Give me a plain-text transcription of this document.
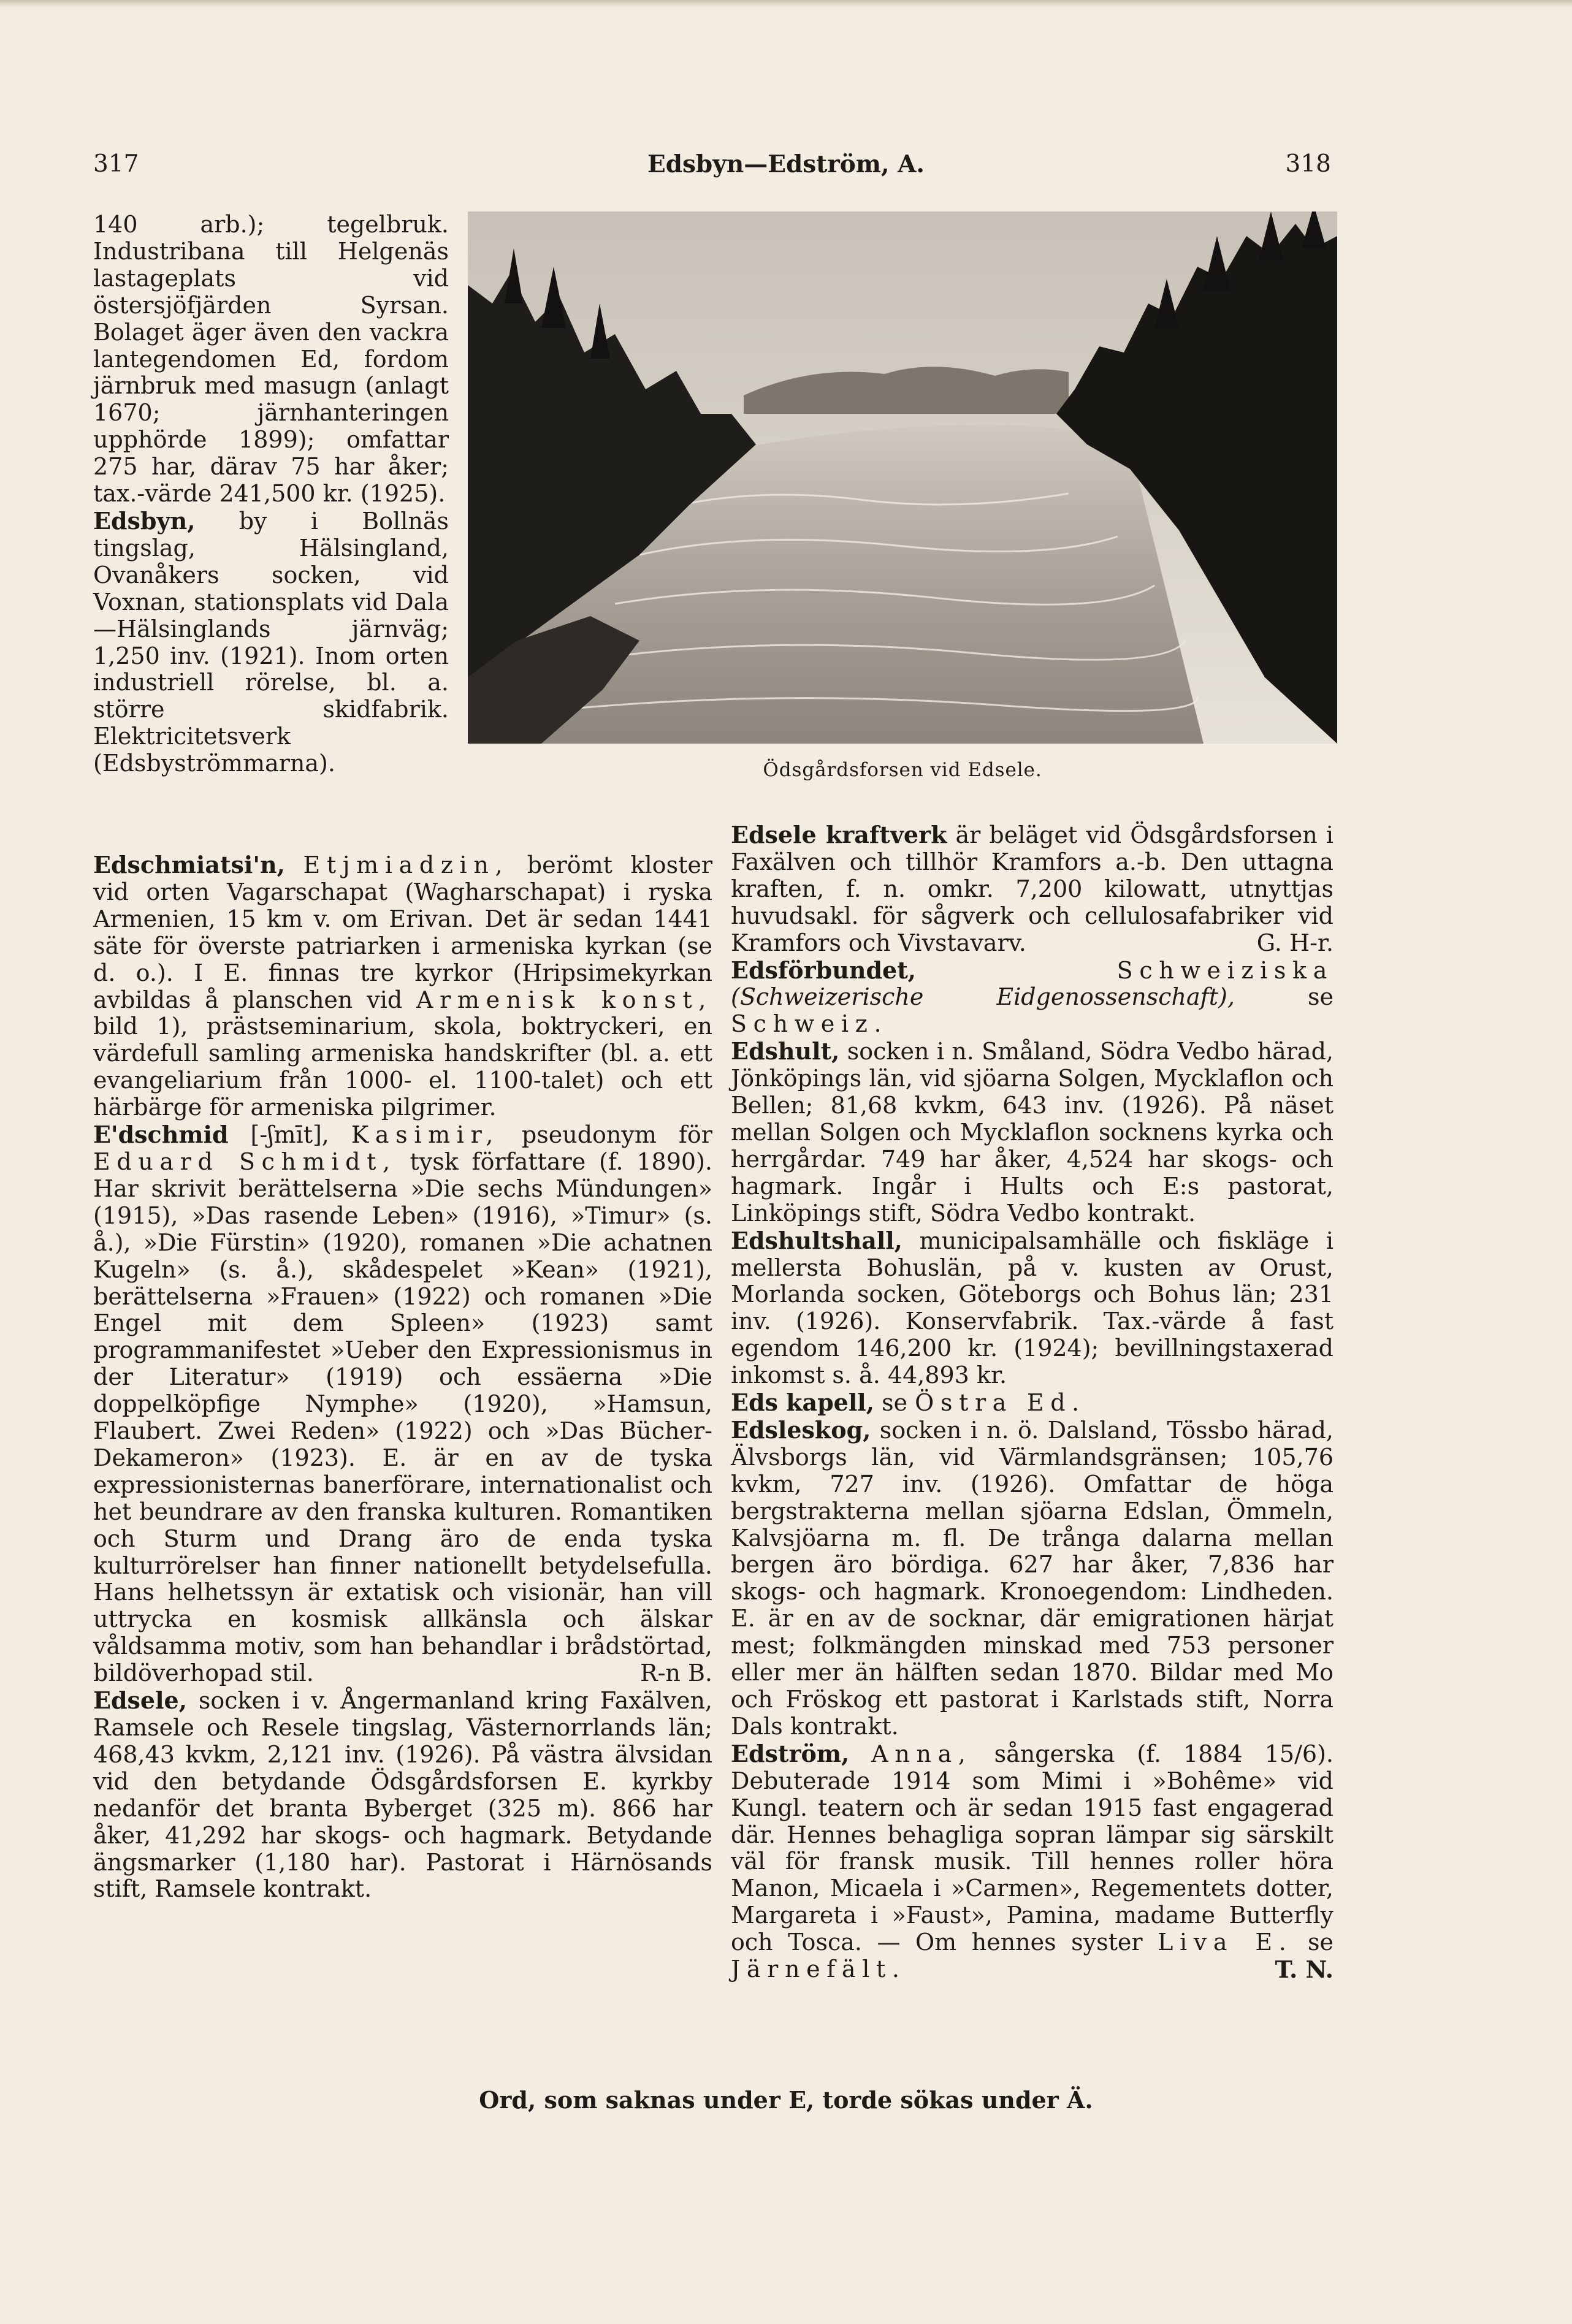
Edsbyn—Edström, A.
317	318

140 arb.); tegelbruk. Industribana till Helgenäs lastageplats vid östersjöfjärden Syrsan. Bolaget äger även den vackra lantegendomen Ed, fordom järnbruk med masugn (anlagt 1670; järnhanteringen upphörde 1899); omfattar 275 har, därav 75 har åker; tax.-värde 241,500 kr. (1925).

Edsbyn, by i Bollnäs tingslag, Hälsingland, Ovanåkers socken, vid Voxnan, stationsplats vid Dala —Hälsinglands järnväg; 1,250 inv. (1921). Inom orten industriell rörelse, bl. a. större skidfabrik. Elektricitetsverk (Edsbyströmmarna).	Ödsgårdsforsen vid Edsele.

Edschmiatsi'n, Etjmiadzin, berömt kloster vid orten Vagarschapat (Wagharschapat) i ryska Armenien, 15 km v. om Erivan. Det är sedan 1441 säte för överste patriarken i armeniska kyrkan (se d. o.). I E. finnas tre kyrkor (Hripsimekyrkan avbildas å planschen vid Armenisk konst, bild 1), prästseminarium, skola, boktryckeri, en värdefull samling armeniska handskrifter (bl. a. ett evangeliarium från 1000- el. 1100-talet) och ett härbärge för armeniska pilgrimer.

E'dschmid [-ʃmīt], Kasimir, pseudonym för Eduard Schmidt, tysk författare (f. 1890). Har skrivit berättelserna »Die sechs Mündungen» (1915), »Das rasende Leben» (1916), »Timur» (s. å.), »Die Fürstin» (1920), romanen »Die achatnen Kugeln» (s. å.), skådespelet »Kean» (1921), berättelserna »Frauen» (1922) och romanen »Die Engel mit dem Spleen» (1923) samt programmanifestet »Ueber den Expressionismus in der Literatur» (1919) och essäerna »Die doppelköpfige Nymphe» (1920), »Hamsun, Flaubert. Zwei Reden» (1922) och »Das Bücher-Dekameron» (1923). E. är en av de tyska expressionisternas banerförare, internationalist och het beundrare av den franska kulturen. Romantiken och Sturm und Drang äro de enda tyska kulturrörelser han finner nationellt betydelsefulla. Hans helhetssyn är extatisk och visionär, han vill uttrycka en kosmisk allkänsla och älskar våldsamma motiv, som han behandlar i brådstörtad, bildöverhopad stil.	R-n B.

Edsele, socken i v. Ångermanland kring Faxälven, Ramsele och Resele tingslag, Västernorrlands län; 468,43 kvkm, 2,121 inv. (1926). På västra älvsidan vid den betydande Ödsgårdsforsen E. kyrkby nedanför det branta Byberget (325 m). 866 har åker, 41,292 har skogs- och hagmark. Betydande ängsmarker (1,180 har). Pastorat i Härnösands stift, Ramsele kontrakt.

Edsele kraftverk är beläget vid Ödsgårdsforsen i Faxälven och tillhör Kramfors a.-b. Den uttagna kraften, f. n. omkr. 7,200 kilowatt, utnyttjas huvudsakl. för sågverk och cellulosafabriker vid Kramfors och Vivstavarv.	G. H-r.

Edsförbundet,	Schweiziska (Schweizerische Eidgenossenschaft),	se Schweiz.

Edshult, socken i n. Småland, Södra Vedbo härad, Jönköpings län, vid sjöarna Solgen, Mycklaflon och Bellen; 81,68 kvkm, 643 inv. (1926). På näset mellan Solgen och Mycklaflon socknens kyrka och herrgårdar. 749 har åker, 4,524 har skogs- och hagmark. Ingår i Hults och E:s pastorat, Linköpings stift, Södra Vedbo kontrakt.

Edshultshall, municipalsamhälle och fiskläge i mellersta Bohuslän, på v. kusten av Orust, Morlanda socken, Göteborgs och Bohus län; 231 inv. (1926). Konservfabrik. Tax.-värde å fast egendom 146,200 kr. (1924); bevillningstaxerad inkomst s. å. 44,893 kr.

Eds kapell, se Östra Ed.

Edsleskog, socken i n. ö. Dalsland, Tössbo härad, Älvsborgs län, vid Värmlandsgränsen; 105,76 kvkm, 727 inv. (1926). Omfattar de höga bergstrakterna mellan sjöarna Edslan, Ömmeln, Kalvsjöarna m. fl. De trånga dalarna mellan bergen äro bördiga. 627 har åker, 7,836 har skogs- och hagmark. Kronoegendom: Lindheden. E. är en av de socknar, där emigrationen härjat mest; folkmängden minskad med 753 personer eller mer än hälften sedan 1870. Bildar med Mo och Fröskog ett pastorat i Karlstads stift, Norra Dals kontrakt.

Edström, Anna, sångerska (f. 1884 15/6). Debuterade 1914 som Mimi i »Bohême» vid Kungl. teatern och är sedan 1915 fast engagerad där. Hennes behagliga sopran lämpar sig särskilt väl för fransk musik. Till hennes roller höra Manon, Micaela i »Carmen», Regementets dotter, Margareta i »Faust», Pamina, madame Butterfly och Tosca. — Om hennes syster Liva E. se Järnefält.	T. N.

Ord, som saknas under E, torde sökas under Ä.
